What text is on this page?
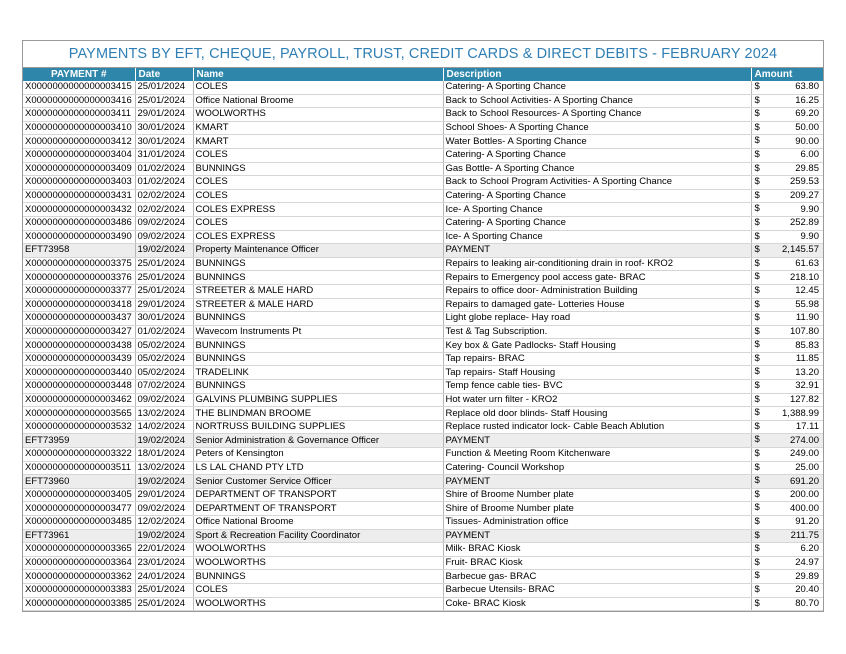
PAYMENTS BY EFT, CHEQUE, PAYROLL, TRUST, CREDIT CARDS & DIRECT DEBITS - FEBRUARY 2024
PAYMENT #	Date	Name	Description	Amount
X0000000000000003415	25/01/2024	COLES	Catering- A Sporting Chance	$ 63.80
X0000000000000003416	25/01/2024	Office National Broome	Back to School Activities- A Sporting Chance	$ 16.25
X0000000000000003411	29/01/2024	WOOLWORTHS	Back to School Resources- A Sporting Chance	$ 69.20
X0000000000000003410	30/01/2024	KMART	School Shoes- A Sporting Chance	$ 50.00
X0000000000000003412	30/01/2024	KMART	Water Bottles- A Sporting Chance	$ 90.00
X0000000000000003404	31/01/2024	COLES	Catering- A Sporting Chance	$ 6.00
X0000000000000003409	01/02/2024	BUNNINGS	Gas Bottle- A Sporting Chance	$ 29.85
X0000000000000003403	01/02/2024	COLES	Back to School Program Activities- A Sporting Chance	$ 259.53
X0000000000000003431	02/02/2024	COLES	Catering- A Sporting Chance	$ 209.27
X0000000000000003432	02/02/2024	COLES EXPRESS	Ice- A Sporting Chance	$ 9.90
X0000000000000003486	09/02/2024	COLES	Catering- A Sporting Chance	$ 252.89
X0000000000000003490	09/02/2024	COLES EXPRESS	Ice- A Sporting Chance	$ 9.90
EFT73958	19/02/2024	Property Maintenance Officer	PAYMENT	$ 2,145.57
X0000000000000003375	25/01/2024	BUNNINGS	Repairs to leaking air-conditioning drain in roof- KRO2	$ 61.63
X0000000000000003376	25/01/2024	BUNNINGS	Repairs to Emergency pool access gate- BRAC	$ 218.10
X0000000000000003377	25/01/2024	STREETER & MALE HARD	Repairs to office door- Administration Building	$ 12.45
X0000000000000003418	29/01/2024	STREETER & MALE HARD	Repairs to damaged gate- Lotteries House	$ 55.98
X0000000000000003437	30/01/2024	BUNNINGS	Light globe replace- Hay road	$ 11.90
X0000000000000003427	01/02/2024	Wavecom Instruments Pt	Test & Tag Subscription.	$ 107.80
X0000000000000003438	05/02/2024	BUNNINGS	Key box & Gate Padlocks- Staff Housing	$ 85.83
X0000000000000003439	05/02/2024	BUNNINGS	Tap repairs- BRAC	$ 11.85
X0000000000000003440	05/02/2024	TRADELINK	Tap repairs- Staff Housing	$ 13.20
X0000000000000003448	07/02/2024	BUNNINGS	Temp fence cable ties- BVC	$ 32.91
X0000000000000003462	09/02/2024	GALVINS PLUMBING SUPPLIES	Hot water urn filter - KRO2	$ 127.82
X0000000000000003565	13/02/2024	THE BLINDMAN BROOME	Replace old door blinds- Staff Housing	$ 1,388.99
X0000000000000003532	14/02/2024	NORTRUSS BUILDING SUPPLIES	Replace rusted indicator lock- Cable Beach Ablution	$ 17.11
EFT73959	19/02/2024	Senior Administration & Governance Officer	PAYMENT	$ 274.00
X0000000000000003322	18/01/2024	Peters of Kensington	Function & Meeting Room Kitchenware	$ 249.00
X0000000000000003511	13/02/2024	LS LAL CHAND PTY LTD	Catering- Council Workshop	$ 25.00
EFT73960	19/02/2024	Senior Customer Service Officer	PAYMENT	$ 691.20
X0000000000000003405	29/01/2024	DEPARTMENT OF TRANSPORT	Shire of Broome Number plate	$ 200.00
X0000000000000003477	09/02/2024	DEPARTMENT OF TRANSPORT	Shire of Broome Number plate	$ 400.00
X0000000000000003485	12/02/2024	Office National Broome	Tissues- Administration office	$ 91.20
EFT73961	19/02/2024	Sport & Recreation Facility Coordinator	PAYMENT	$ 211.75
X0000000000000003365	22/01/2024	WOOLWORTHS	Milk- BRAC Kiosk	$ 6.20
X0000000000000003364	23/01/2024	WOOLWORTHS	Fruit- BRAC Kiosk	$ 24.97
X0000000000000003362	24/01/2024	BUNNINGS	Barbecue gas- BRAC	$ 29.89
X0000000000000003383	25/01/2024	COLES	Barbecue Utensils- BRAC	$ 20.40
X0000000000000003385	25/01/2024	WOOLWORTHS	Coke- BRAC Kiosk	$ 80.70
